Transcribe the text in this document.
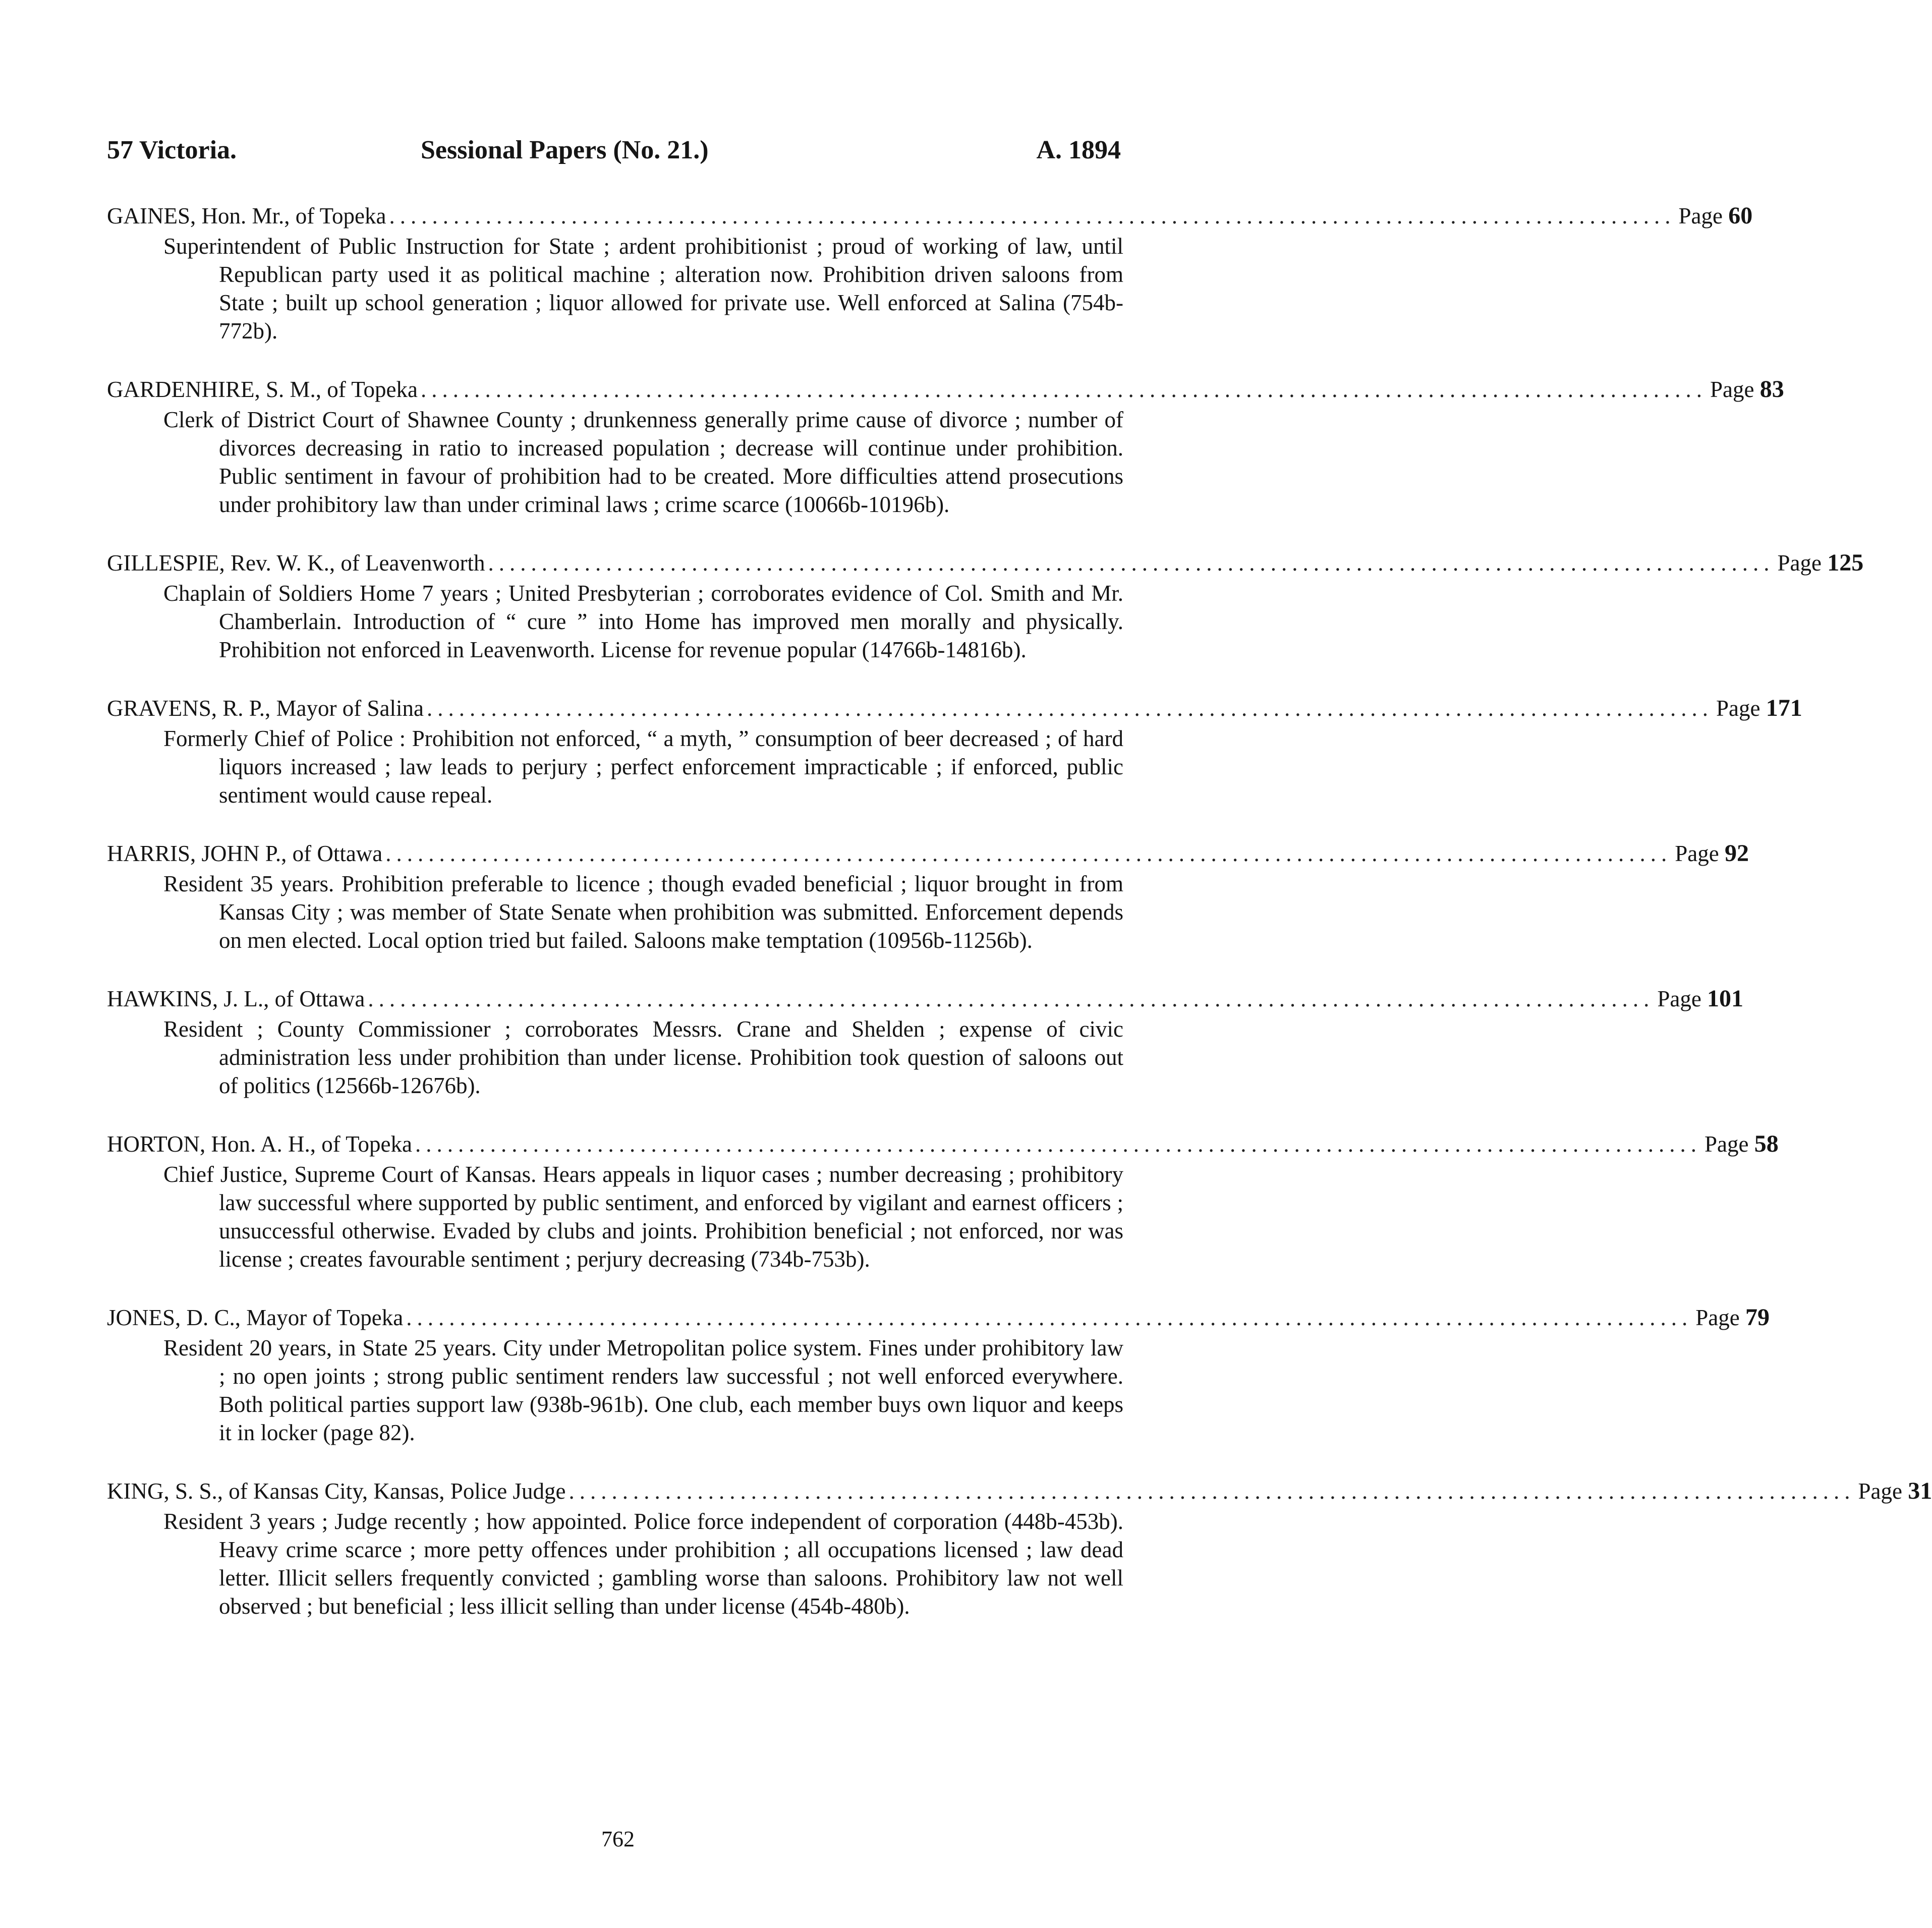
57 Victoria.	Sessional Papers (No. 21.)	A. 1894
GAINES, Hon. Mr., of Topeka ........................................................................................................................ Page 60
Superintendent of Public Instruction for State ; ardent prohibitionist ; proud of working of law, until Republican party used it as political machine ; alteration now. Prohibition driven saloons from State ; built up school generation ; liquor allowed for private use. Well enforced at Salina (754b-772b).
GARDENHIRE, S. M., of Topeka ........................................................................................................................ Page 83
Clerk of District Court of Shawnee County ; drunkenness generally prime cause of divorce ; number of divorces decreasing in ratio to increased population ; decrease will continue under prohibition. Public sentiment in favour of prohibition had to be created. More difficulties attend prosecutions under prohibitory law than under criminal laws ; crime scarce (10066b-10196b).
GILLESPIE, Rev. W. K., of Leavenworth ........................................................................................................................ Page 125
Chaplain of Soldiers Home 7 years ; United Presbyterian ; corroborates evidence of Col. Smith and Mr. Chamberlain. Introduction of “ cure ” into Home has improved men morally and physically. Prohibition not enforced in Leavenworth. License for revenue popular (14766b-14816b).
GRAVENS, R. P., Mayor of Salina ........................................................................................................................ Page 171
Formerly Chief of Police : Prohibition not enforced, “ a myth, ” consumption of beer decreased ; of hard liquors increased ; law leads to perjury ; perfect enforcement impracticable ; if enforced, public sentiment would cause repeal.
HARRIS, JOHN P., of Ottawa ........................................................................................................................ Page 92
Resident 35 years. Prohibition preferable to licence ; though evaded beneficial ; liquor brought in from Kansas City ; was member of State Senate when prohibition was submitted. Enforcement depends on men elected. Local option tried but failed. Saloons make temptation (10956b-11256b).
HAWKINS, J. L., of Ottawa ........................................................................................................................ Page 101
Resident ; County Commissioner ; corroborates Messrs. Crane and Shelden ; expense of civic administration less under prohibition than under license. Prohibition took question of saloons out of politics (12566b-12676b).
HORTON, Hon. A. H., of Topeka ........................................................................................................................ Page 58
Chief Justice, Supreme Court of Kansas. Hears appeals in liquor cases ; number decreasing ; prohibitory law successful where supported by public sentiment, and enforced by vigilant and earnest officers ; unsuccessful otherwise. Evaded by clubs and joints. Prohibition beneficial ; not enforced, nor was license ; creates favourable sentiment ; perjury decreasing (734b-753b).
JONES, D. C., Mayor of Topeka ........................................................................................................................ Page 79
Resident 20 years, in State 25 years. City under Metropolitan police system. Fines under prohibitory law ; no open joints ; strong public sentiment renders law successful ; not well enforced everywhere. Both political parties support law (938b-961b). One club, each member buys own liquor and keeps it in locker (page 82).
KING, S. S., of Kansas City, Kansas, Police Judge ........................................................................................................................ Page 31
Resident 3 years ; Judge recently ; how appointed. Police force independent of corporation (448b-453b). Heavy crime scarce ; more petty offences under prohibition ; all occupations licensed ; law dead letter. Illicit sellers frequently convicted ; gambling worse than saloons. Prohibitory law not well observed ; but beneficial ; less illicit selling than under license (454b-480b).
762
